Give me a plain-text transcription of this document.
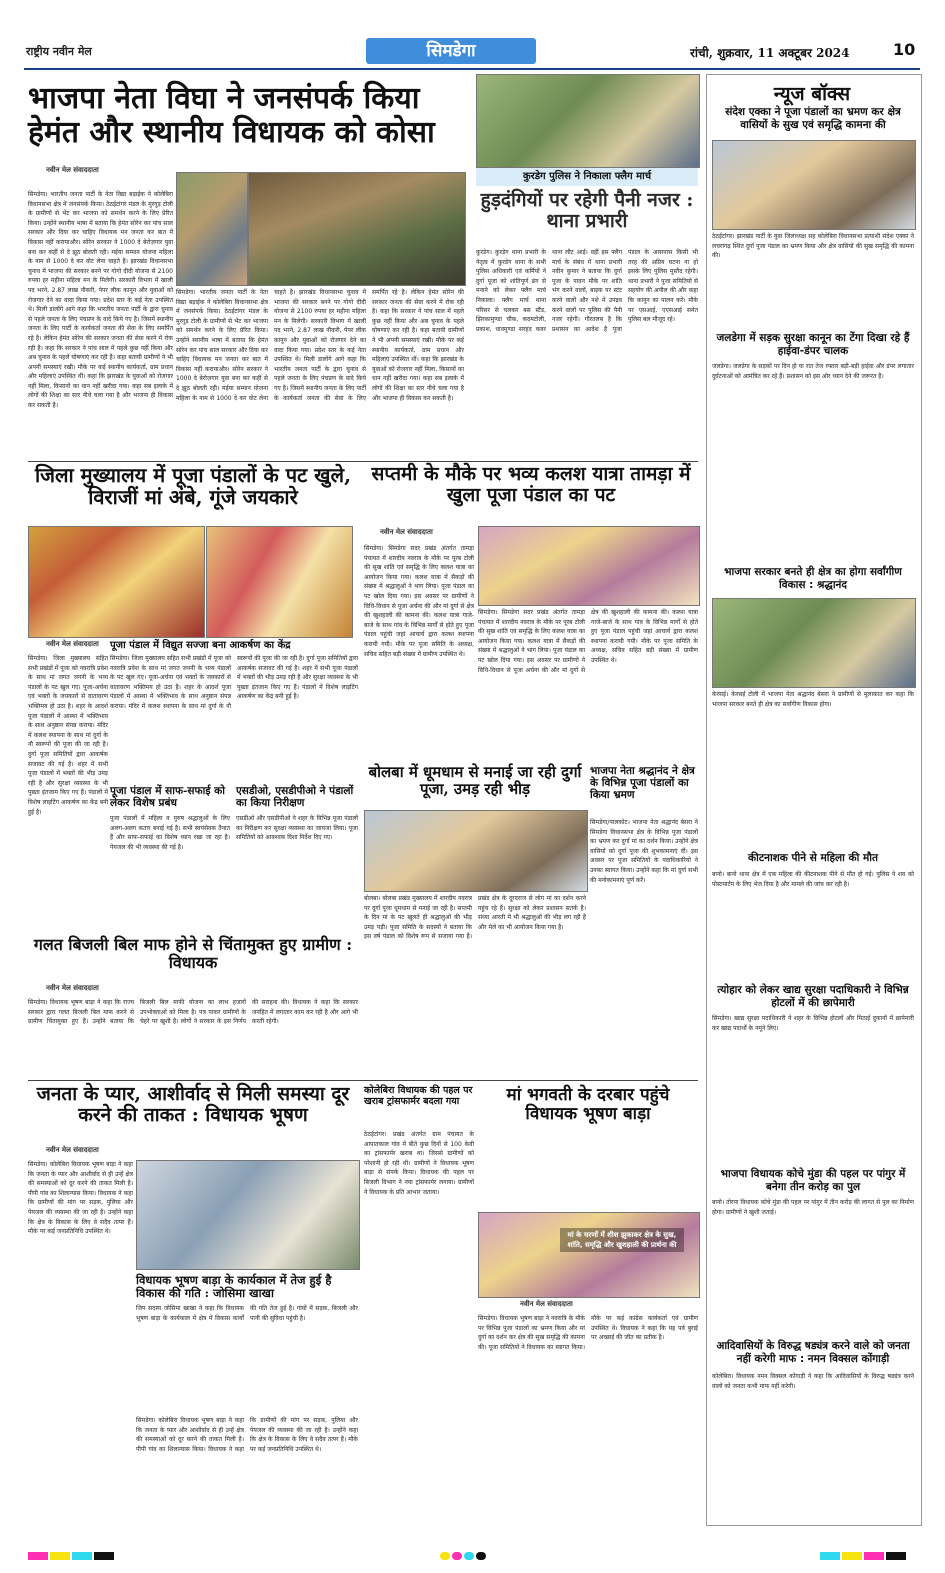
राष्ट्रीय नवीन मेल	सिमडेगा	रांची, शुक्रवार, 11 अक्टूबर 2024	10
भाजपा नेता विघा ने जनसंपर्क किया हेमंत और स्थानीय विधायक को कोसा
नवीन मेल संवाददाता
सिमडेगा। भारतीय जनता पार्टी के नेता विद्या बड़ाईक ने कोलेबिरा विधानसभा क्षेत्र में जनसंपर्क किया। ठेठईटांगर मंडल के मुरगुड़ टोली के ग्रामीणों से भेंट कर भाजपा को समर्थन करने के लिए प्रेरित किया। उन्होंने स्थानीय भाषा में बताया कि हेमंत सोरेन कर पांच साल सरकार और दिया कर चाहिए विधायक मन जनता कर बात में विकास नहीं करायाऔर। सोरेन सरकार ने 1000 दे बेरोज़गार युवा बना कर कहीं से दे झूठ बोलती रही। मईया सम्मान योजना महिला के नाम से 1000 दे कर वोट लेना चाहते है। झारखंड विधानसभा चुनाव में भाजपा की सरकार बनने पर गोगो दीदी योजना से 2100 रुपया हर महीना महिला मन के मिलेगी। सरकारी विभाग में खाली पद भरने, 2.87 लाख नौकरी, पेपर लीक कानून और युवाओं को रोजगार देने का वादा किया गया। प्रदेश स्तर के कई नेता उपस्थित थे। मिली डालोंगे आगे कहा कि भारतीय जनता पार्टी के द्वारा चुनाव से पहले जनता के लिए पंचप्रण के वादे किये गए है। जिसमें स्थानीय जनता के लिए पार्टी के कार्यकर्ता जनता की सेवा के लिए समर्पित रहे है। लेकिन हेमंत सोरेन की सरकार जनता की सेवा करने में रोक रही है। कहा कि सरकार ने पांच साल में पहले कुछ नहीं किया और अब चुनाव के पहले घोषणाएं कर रही है। कहा बतायी ग्रामीणों ने भी अपनी समस्याएं रखी। मौके पर कई स्थानीय कार्यकर्ता, ग्राम प्रधान और महिलाएं उपस्थित थीं। कहा कि झारखंड के युवाओं को रोजगार नहीं मिला, किसानों का धान नहीं खरीदा गया। कहा सब इलाके में लोगों की शिक्षा का स्तर नीचे चला गया है और भाजपा ही विकास कर सकती है।
सिमडेगा। भारतीय जनता पार्टी के नेता विद्या बड़ाईक ने कोलेबिरा विधानसभा क्षेत्र में जनसंपर्क किया। ठेठईटांगर मंडल के मुरगुड़ टोली के ग्रामीणों से भेंट कर भाजपा को समर्थन करने के लिए प्रेरित किया। उन्होंने स्थानीय भाषा में बताया कि हेमंत सोरेन कर पांच साल सरकार और दिया कर चाहिए विधायक मन जनता कर बात में विकास नहीं करायाऔर। सोरेन सरकार ने 1000 दे बेरोज़गार युवा बना कर कहीं से दे झूठ बोलती रही। मईया सम्मान योजना महिला के नाम से 1000 दे कर वोट लेना चाहते है। झारखंड विधानसभा चुनाव में भाजपा की सरकार बनने पर गोगो दीदी योजना से 2100 रुपया हर महीना महिला मन के मिलेगी। सरकारी विभाग में खाली पद भरने, 2.87 लाख नौकरी, पेपर लीक कानून और युवाओं को रोजगार देने का वादा किया गया। प्रदेश स्तर के कई नेता उपस्थित थे। मिली डालोंगे आगे कहा कि भारतीय जनता पार्टी के द्वारा चुनाव से पहले जनता के लिए पंचप्रण के वादे किये गए है। जिसमें स्थानीय जनता के लिए पार्टी के कार्यकर्ता जनता की सेवा के लिए समर्पित रहे है। लेकिन हेमंत सोरेन की सरकार जनता की सेवा करने में रोक रही है। कहा कि सरकार ने पांच साल में पहले कुछ नहीं किया और अब चुनाव के पहले घोषणाएं कर रही है। कहा बतायी ग्रामीणों ने भी अपनी समस्याएं रखी। मौके पर कई स्थानीय कार्यकर्ता, ग्राम प्रधान और महिलाएं उपस्थित थीं। कहा कि झारखंड के युवाओं को रोजगार नहीं मिला, किसानों का धान नहीं खरीदा गया। कहा सब इलाके में लोगों की शिक्षा का स्तर नीचे चला गया है और भाजपा ही विकास कर सकती है।
कुरडेग पुलिस ने निकाला फ्लैग मार्च
हुड़दंगियों पर रहेगी पैनी नजर : थाना प्रभारी
कुरडेग। कुरडेग थाना प्रभारी के नेतृत्व में कुरडेग थाना के सभी पुलिस अधिकारी एवं कर्मियों ने दुर्गा पूजा को शांतिपूर्ण ढंग से मनाने को लेकर फ्लैग मार्च निकाला। फ्लैग मार्च थाना परिसर से चलकर बस स्टैंड, झिरकामुण्डा चौक, कदमटोली, प्रकाश, धावमुण्डा सरहद कवर थाना लौट आई। वहीं इस फ्लैग मार्च के संबंध में थाना प्रभारी नवीन कुमार ने बताया कि दुर्गा पूजा के पावन मौके पर शांति भंग करने वालों, बाइक पर स्टंट करने वालों और नशे में उपद्रव करने वालों पर पुलिस की पैनी नजर रहेगी। गौरतलब है कि प्रशासन का आदेश है पूजा पंडाल के आसपास किसी भी तरह की अप्रिय घटना ना हो इसके लिए पुलिस मुस्तैद रहेगी। थाना प्रभारी ने पूजा समितियों से सहयोग की अपील की और कहा कि कानून का पालन करें। मौके पर एसआई, एएसआई समेत पुलिस बल मौजूद रहे।
जिला मुख्यालय में पूजा पंडालों के पट खुले, विराजीं मां अंबे, गूंजे जयकारे
नवीन मेल संवाददाता पूजा पंडाल में विद्युत सज्जा बना आकर्षण का केंद्र
सिमडेगा। जिला मुख्यालय सहित सभी प्रखंडों में पूजा को नवरात्रि प्रवेश के साथ मां जगत जननी के भव्य पंडालों के पट खुल गए। पूजा-अर्चना एवं भक्तों के जयकारों से वातावरण भक्तिमय हो उठा है। शहर के आदर्श पूजा पंडालों में आस्था में भक्तिभाव के साथ अनुष्ठान संपन्न कराया। मंदिर में कलश स्थापना के साथ मां दुर्गा के नौ स्वरूपों की पूजा की जा रही है। दुर्गा पूजा समितियों द्वारा आकर्षक सजावट की गई है। शहर में सभी पूजा पंडालों में भक्तों की भीड़ उमड़ रही है और सुरक्षा व्यवस्था के भी पुख्ता इंतजाम किए गए हैं। पंडालों में विशेष लाइटिंग आकर्षण का केंद्र बनी हुई है।
सिमडेगा। जिला मुख्यालय सहित सभी प्रखंडों में पूजा को नवरात्रि प्रवेश के साथ मां जगत जननी के भव्य पंडालों के पट खुल गए। पूजा-अर्चना एवं भक्तों के जयकारों से वातावरण भक्तिमय हो उठा है। शहर के आदर्श पूजा पंडालों में आस्था में भक्तिभाव के साथ अनुष्ठान संपन्न कराया। मंदिर में कलश स्थापना के साथ मां दुर्गा के नौ स्वरूपों की पूजा की जा रही है। दुर्गा पूजा समितियों द्वारा आकर्षक सजावट की गई है। शहर में सभी पूजा पंडालों में भक्तों की भीड़ उमड़ रही है और सुरक्षा व्यवस्था के भी पुख्ता इंतजाम किए गए हैं। पंडालों में विशेष लाइटिंग आकर्षण का केंद्र बनी हुई है।
पूजा पंडाल में साफ-सफाई को लेकर विशेष प्रबंध
पूजा पंडालों में महिला व पुरुष श्रद्धालुओं के लिए अलग-अलग कतार बनाई गई है। सभी स्वयंसेवक तैनात हैं और साफ-सफाई का विशेष ध्यान रखा जा रहा है। पेयजल की भी व्यवस्था की गई है।
एसडीओ, एसडीपीओ ने पंडालों का किया निरीक्षण
एसडीओ और एसडीपीओ ने शहर के विभिन्न पूजा पंडालों का निरीक्षण कर सुरक्षा व्यवस्था का जायजा लिया। पूजा समितियों को आवश्यक दिशा निर्देश दिए गए।
सप्तमी के मौके पर भव्य कलश यात्रा तामड़ा में खुला पूजा पंडाल का पट
नवीन मेल संवाददाता
सिमडेगा। सिमडेगा सदर प्रखंड अंतर्गत तामड़ा पंचायत में शारदीय नवरात्र के मौके पर पूरब टोली की सुख शांति एवं समृद्धि के लिए कलश यात्रा का आयोजन किया गया। कलश यात्रा में सैकड़ों की संख्या में श्रद्धालुओं ने भाग लिया। पूजा पंडाल का पट खोल दिया गया। इस अवसर पर ग्रामीणों ने विधि-विधान से पूजा अर्चना की और मां दुर्गा से क्षेत्र की खुशहाली की कामना की। कलश यात्रा गाजे-बाजे के साथ गांव के विभिन्न मार्गों से होते हुए पूजा पंडाल पहुंची जहां आचार्य द्वारा कलश स्थापना करायी गयी। मौके पर पूजा समिति के अध्यक्ष, सचिव सहित बड़ी संख्या में ग्रामीण उपस्थित थे।
सिमडेगा। सिमडेगा सदर प्रखंड अंतर्गत तामड़ा पंचायत में शारदीय नवरात्र के मौके पर पूरब टोली की सुख शांति एवं समृद्धि के लिए कलश यात्रा का आयोजन किया गया। कलश यात्रा में सैकड़ों की संख्या में श्रद्धालुओं ने भाग लिया। पूजा पंडाल का पट खोल दिया गया। इस अवसर पर ग्रामीणों ने विधि-विधान से पूजा अर्चना की और मां दुर्गा से क्षेत्र की खुशहाली की कामना की। कलश यात्रा गाजे-बाजे के साथ गांव के विभिन्न मार्गों से होते हुए पूजा पंडाल पहुंची जहां आचार्य द्वारा कलश स्थापना करायी गयी। मौके पर पूजा समिति के अध्यक्ष, सचिव सहित बड़ी संख्या में ग्रामीण उपस्थित थे।
बोलबा में धूमधाम से मनाई जा रही दुर्गा पूजा, उमड़ रही भीड़
बोलबा। बोलबा प्रखंड मुख्यालय में शारदीय नवरात्र पर दुर्गा पूजा धूमधाम से मनाई जा रही है। सप्तमी के दिन मां के पट खुलते ही श्रद्धालुओं की भीड़ उमड़ पड़ी। पूजा समिति के सदस्यों ने बताया कि इस वर्ष पंडाल को विशेष रूप से सजाया गया है। प्रखंड क्षेत्र के दूरदराज से लोग मां का दर्शन करने पहुंच रहे हैं। सुरक्षा को लेकर प्रशासन सतर्क है। संध्या आरती में भी श्रद्धालुओं की भीड़ लग रही है और मेले का भी आयोजन किया गया है।
भाजपा नेता श्रद्धानंद ने क्षेत्र के विभिन्न पूजा पंडालों का किया भ्रमण
सिमडेगा/पालकोट। भाजपा नेता श्रद्धानंद बेसरा ने सिमडेगा विधानसभा क्षेत्र के विभिन्न पूजा पंडालों का भ्रमण कर दुर्गा मां का दर्शन किया। उन्होंने क्षेत्र वासियों को दुर्गा पूजा की शुभकामनाएं दीं। इस अवसर पर पूजा समितियों के पदाधिकारियों ने उनका स्वागत किया। उन्होंने कहा कि मां दुर्गा सभी की मनोकामनाएं पूर्ण करें।
गलत बिजली बिल माफ होने से चिंतामुक्त हुए ग्रामीण : विधायक
नवीन मेल संवाददाता
सिमडेगा। विधायक भूषण बाड़ा ने कहा कि राज्य सरकार द्वारा गलत बिजली बिल माफ करने से ग्रामीण चिंतामुक्त हुए हैं। उन्होंने बताया कि बिजली बिल माफी योजना का लाभ हजारों उपभोक्ताओं को मिला है। पत्र पाकर ग्रामीणों के चेहरे पर खुशी है। लोगों ने सरकार के इस निर्णय की सराहना की। विधायक ने कहा कि सरकार जनहित में लगातार काम कर रही है और आगे भी करती रहेगी।
जनता के प्यार, आशीर्वाद से मिली समस्या दूर करने की ताकत : विधायक भूषण
नवीन मेल संवाददाता
सिमडेगा। कोलेबिरा विधायक भूषण बाड़ा ने कहा कि जनता के प्यार और आशीर्वाद से ही उन्हें क्षेत्र की समस्याओं को दूर करने की ताकत मिली है। पीपी गांव का शिलान्यास किया। विधायक ने कहा कि ग्रामीणों की मांग पर सड़क, पुलिया और पेयजल की व्यवस्था की जा रही है। उन्होंने कहा कि क्षेत्र के विकास के लिए वे सदैव तत्पर हैं। मौके पर कई जनप्रतिनिधि उपस्थित थे।
विधायक भूषण बाड़ा के कार्यकाल में तेज हुई है विकास की गति : जोसिमा खाखा
जिप सदस्य जोसिमा खाखा ने कहा कि विधायक भूषण बाड़ा के कार्यकाल में क्षेत्र में विकास कार्यों की गति तेज हुई है। गांवों में सड़क, बिजली और पानी की सुविधा पहुंची है।
सिमडेगा। कोलेबिरा विधायक भूषण बाड़ा ने कहा कि जनता के प्यार और आशीर्वाद से ही उन्हें क्षेत्र की समस्याओं को दूर करने की ताकत मिली है। पीपी गांव का शिलान्यास किया। विधायक ने कहा कि ग्रामीणों की मांग पर सड़क, पुलिया और पेयजल की व्यवस्था की जा रही है। उन्होंने कहा कि क्षेत्र के विकास के लिए वे सदैव तत्पर हैं। मौके पर कई जनप्रतिनिधि उपस्थित थे।
कोलेबिरा विधायक की पहल पर खराब ट्रांसफार्मर बदला गया
ठेठईटांगर। प्रखंड अंतर्गत ग्राम पंचायत के आपातकाल गांव में बीते कुछ दिनों से 100 केवी का ट्रांसफार्मर खराब था। जिससे ग्रामीणों को परेशानी हो रही थी। ग्रामीणों ने विधायक भूषण बाड़ा से संपर्क किया। विधायक की पहल पर बिजली विभाग ने नया ट्रांसफार्मर लगाया। ग्रामीणों ने विधायक के प्रति आभार जताया।
मां भगवती के दरबार पहुंचे विधायक भूषण बाड़ा
मां के चरणों में शीश झुकाकर क्षेत्र के सुख, शांति, समृद्धि और खुशहाली की प्रार्थना की
नवीन मेल संवाददाता
सिमडेगा। विधायक भूषण बाड़ा ने नवरात्रि के मौके पर विभिन्न पूजा पंडालों का भ्रमण किया और मां दुर्गा का दर्शन कर क्षेत्र की सुख समृद्धि की कामना की। पूजा समितियों ने विधायक का स्वागत किया। मौके पर कई कांग्रेस कार्यकर्ता एवं ग्रामीण उपस्थित थे। विधायक ने कहा कि यह पर्व बुराई पर अच्छाई की जीत का प्रतीक है।
न्यूज बॉक्स
संदेश एक्का ने पूजा पंडालों का भ्रमण कर क्षेत्र वासियों के सुख एवं समृद्धि कामना की
ठेठईटांगर। झारखंड पार्टी के युवा जिलाध्यक्ष सह कोलेबिरा विधानसभा प्रत्याशी संदेश एक्का ने लचरागढ़ स्थित दुर्गा पूजा पंडाल का भ्रमण किया और क्षेत्र वासियों की सुख समृद्धि की कामना की।
जलडेगा में सड़क सुरक्षा कानून का टेंगा दिखा रहे हैं हाईवा-डंपर चालक
जलडेगा। जलडेगा के सड़कों पर दिन हो या रात तेज रफ्तार बड़ी-बड़ी हाईवा और डंपर लगातार दुर्घटनाओं को आमंत्रित कर रहे हैं। प्रशासन को इस ओर ध्यान देने की जरूरत है।
भाजपा सरकार बनते ही क्षेत्र का होगा सर्वांगीण विकास : श्रद्धानंद
केरसई। केरसई टोली में भाजपा नेता श्रद्धानंद बेसरा ने ग्रामीणों से मुलाकात कर कहा कि भाजपा सरकार बनते ही क्षेत्र का सर्वांगीण विकास होगा।
कीटनाशक पीने से महिला की मौत
बानो। बानो थाना क्षेत्र में एक महिला की कीटनाशक पीने से मौत हो गई। पुलिस ने शव को पोस्टमार्टम के लिए भेज दिया है और मामले की जांच कर रही है।
त्योहार को लेकर खाद्य सुरक्षा पदाधिकारी ने विभिन्न होटलों में की छापेमारी
सिमडेगा। खाद्य सुरक्षा पदाधिकारी ने शहर के विभिन्न होटलों और मिठाई दुकानों में छापेमारी कर खाद्य पदार्थों के नमूने लिए।
भाजपा विधायक कोचे मुंडा की पहल पर पांगुर में बनेगा तीन करोड़ का पुल
बानो। तोरपा विधायक कोचे मुंडा की पहल पर पांगुर में तीन करोड़ की लागत से पुल का निर्माण होगा। ग्रामीणों ने खुशी जताई।
आदिवासियों के विरुद्ध षड्यंत्र करने वाले को जनता नहीं करेगी माफ : नमन विक्सल कोंगाड़ी
कोलेबिरा। विधायक नमन विक्सल कोंगाड़ी ने कहा कि आदिवासियों के विरुद्ध षड्यंत्र करने वालों को जनता कभी माफ नहीं करेगी।
